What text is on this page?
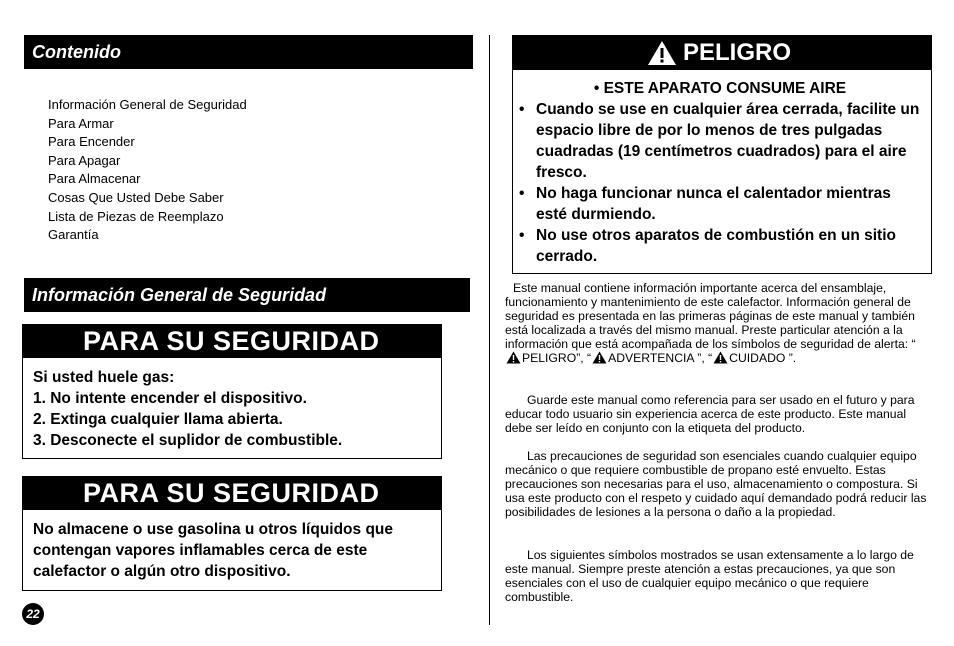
Contenido
Información General de Seguridad
Para Armar
Para Encender
Para Apagar
Para Almacenar
Cosas Que Usted Debe Saber
Lista de Piezas de Reemplazo
Garantía
Información General de Seguridad
PARA SU SEGURIDAD

Si usted huele gas:

1. No intente encender el dispositivo.

2. Extinga cualquier llama abierta.

3. Desconecte el suplidor de combustible.

PARA SU SEGURIDAD

No almacene o use gasolina u otros líquidos que

contengan vapores inflamables cerca de este

calefactor o algún otro dispositivo.

22
PELIGRO
• ESTE APARATO CONSUME AIRE
• Cuando se use en cualquier área cerrada, facilite un espacio libre de por lo menos de tres pulgadas cuadradas (19 centímetros cuadrados) para el aire fresco.
• No haga funcionar nunca el calentador mientras esté durmiendo.
• No use otros aparatos de combustión en un sitio cerrado.

Este manual contiene información importante acerca del ensamblaje, funcionamiento y mantenimiento de este calefactor. Información general de seguridad es presentada en las primeras páginas de este manual y también está localizada a través del mismo manual. Preste particular atención a la información que está acompañada de los símbolos de seguridad de alerta: “PELIGRO”, “ ADVERTENCIA ”, “ CUIDADO ”.

Guarde este manual como referencia para ser usado en el futuro y para educar todo usuario sin experiencia acerca de este producto. Este manual debe ser leído en conjunto con la etiqueta del producto.

Las precauciones de seguridad son esenciales cuando cualquier equipo mecánico o que requiere combustible de propano esté envuelto. Estas precauciones son necesarias para el uso, almacenamiento o compostura. Si usa este producto con el respeto y cuidado aquí demandado podrá reducir las posibilidades de lesiones a la persona o daño a la propiedad.

Los siguientes símbolos mostrados se usan extensamente a lo largo de este manual. Siempre preste atención a estas precauciones, ya que son esenciales con el uso de cualquier equipo mecánico o que requiere combustible.
